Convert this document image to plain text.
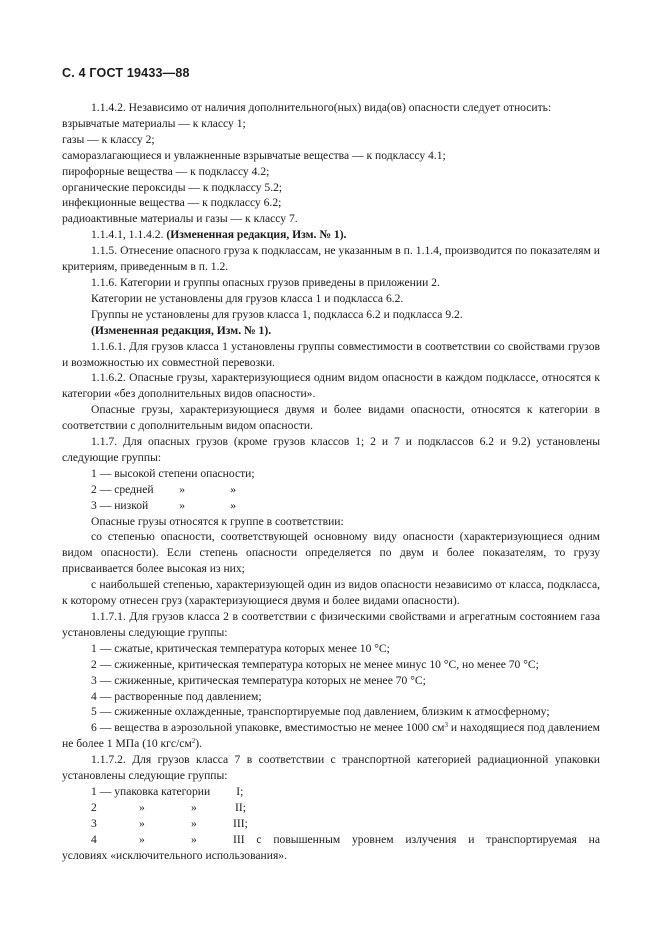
С. 4 ГОСТ 19433—88

1.1.4.2. Независимо от наличия дополнительного(ных) вида(ов) опасности следует относить:

взрывчатые материалы — к классу 1;

газы — к классу 2;

саморазлагающиеся и увлажненные взрывчатые вещества — к подклассу 4.1;

пирофорные вещества — к подклассу 4.2;

органические пероксиды — к подклассу 5.2;

инфекционные вещества — к подклассу 6.2;

радиоактивные материалы и газы — к классу 7.

1.1.4.1, 1.1.4.2. (Измененная редакция, Изм. № 1).

1.1.5. Отнесение опасного груза к подклассам, не указанным в п. 1.1.4, производится по показателям и критериям, приведенным в п. 1.2.

1.1.6. Категории и группы опасных грузов приведены в приложении 2.

Категории не установлены для грузов класса 1 и подкласса 6.2.

Группы не установлены для грузов класса 1, подкласса 6.2 и подкласса 9.2.

(Измененная редакция, Изм. № 1).

1.1.6.1. Для грузов класса 1 установлены группы совместимости в соответствии со свойствами грузов и возможностью их совместной перевозки.

1.1.6.2. Опасные грузы, характеризующиеся одним видом опасности в каждом подклассе, относятся к категории «без дополнительных видов опасности».

Опасные грузы, характеризующиеся двумя и более видами опасности, относятся к категории в соответствии с дополнительным видом опасности.

1.1.7. Для опасных грузов (кроме грузов классов 1; 2 и 7 и подклассов 6.2 и 9.2) установлены следующие группы:

1 —
высокой степени опасности;
2 —
средней	»	»
3 —
низкой	»	»

Опасные грузы относятся к группе в соответствии:

со степенью опасности, соответствующей основному виду опасности (характеризующиеся одним видом опасности). Если степень опасности определяется по двум и более показателям, то грузу присваивается более высокая из них;

с наибольшей степенью, характеризующей один из видов опасности независимо от класса, подкласса, к которому отнесен груз (характеризующиеся двумя и более видами опасности).

1.1.7.1. Для грузов класса 2 в соответствии с физическими свойствами и агрегатным состоянием газа установлены следующие группы:

1 — сжатые, критическая температура которых менее 10 °С;

2 — сжиженные, критическая температура которых не менее минус 10 °С, но менее 70 °С;

3 — сжиженные, критическая температура которых не менее 70 °С;

4 — растворенные под давлением;

5 — сжиженные охлажденные, транспортируемые под давлением, близким к атмосферному;

6 — вещества в аэрозольной упаковке, вместимостью не менее 1000 $см^3$ и находящиеся под давлением не более 1 МПа (10 кгс/$см^2$).

1.1.7.2. Для грузов класса 7 в соответствии с транспортной категорией радиационной упаковки установлены следующие группы:

1 —
упаковка категории	I;
2	»	»	II;
3	»	»	III;
4	»	»	III с повышенным уровнем излучения и транспортируемая на

условиях «исключительного использования».
